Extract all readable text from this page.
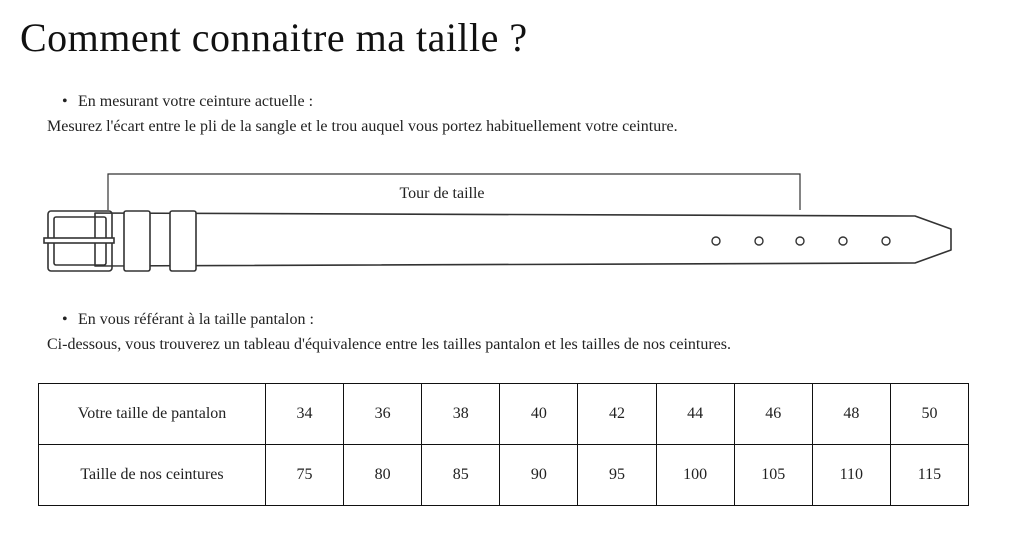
Comment connaitre ma taille ?
• En mesurant votre ceinture actuelle :
Mesurez l'écart entre le pli de la sangle et le trou auquel vous portez habituellement votre ceinture.
Tour de taille
• En vous référant à la taille pantalon :
Ci-dessous, vous trouverez un tableau d'équivalence entre les tailles pantalon et les tailles de nos ceintures.
Votre taille de pantalon	34	36	38	40	42	44	46	48	50
Taille de nos ceintures	75	80	85	90	95	100	105	110	115
